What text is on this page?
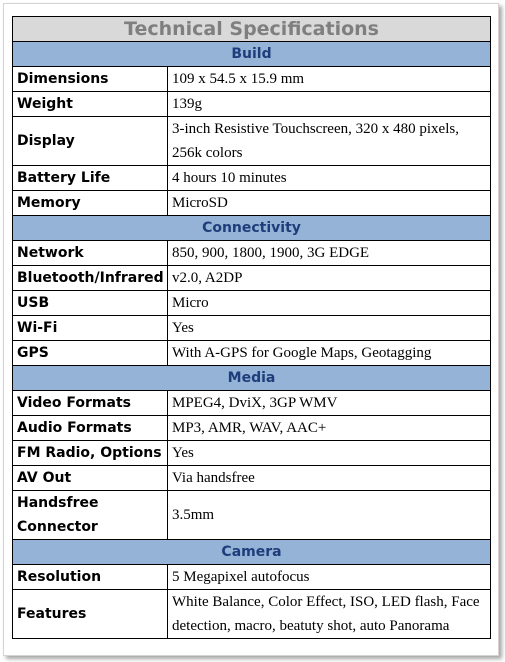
Technical Specifications	
Build	
Dimensions	109 x 54.5 x 15.9 mm
Weight	139g
Display	3-inch Resistive Touchscreen, 320 x 480 pixels, 256k colors
Battery Life	4 hours 10 minutes
Memory	MicroSD
Connectivity	
Network	850, 900, 1800, 1900, 3G EDGE
Bluetooth/Infrared	v2.0, A2DP
USB	Micro
Wi-Fi	Yes
GPS	With A-GPS for Google Maps, Geotagging
Media	
Video Formats	MPEG4, DviX, 3GP WMV
Audio Formats	MP3, AMR, WAV, AAC+
FM Radio, Options	Yes
AV Out	Via handsfree
Handsfree Connector	3.5mm
Camera	
Resolution	5 Megapixel autofocus
Features	White Balance, Color Effect, ISO, LED flash, Face detection, macro, beatuty shot, auto Panorama
